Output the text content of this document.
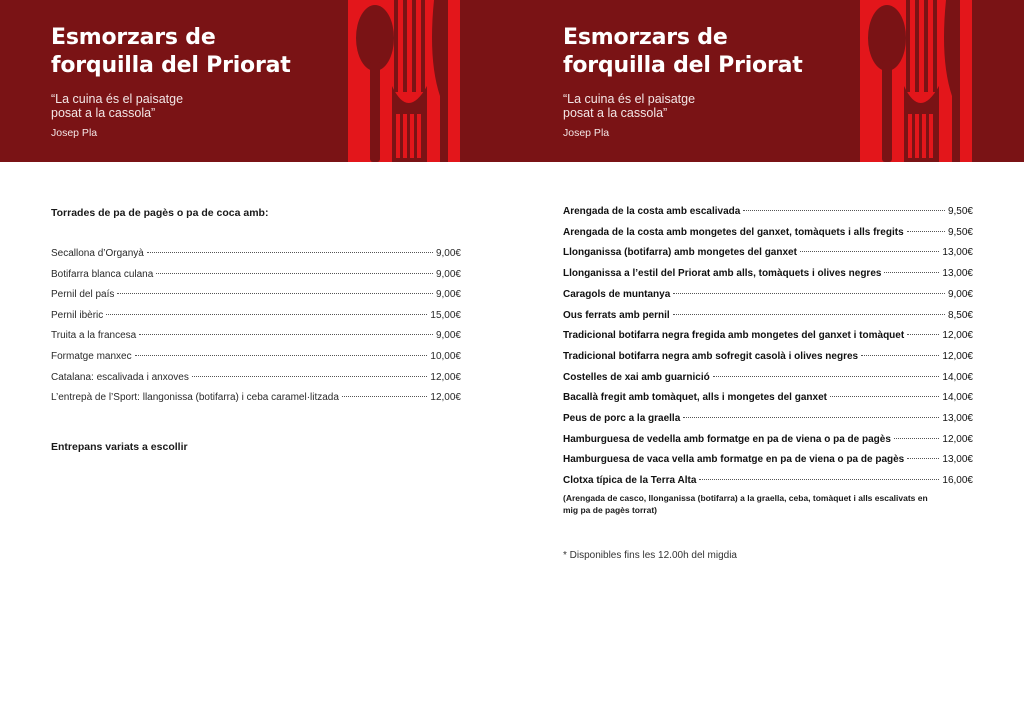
Esmorzars de
forquilla del Priorat

“La cuina és el paisatge
posat a la cassola”

Josep Pla

Torrades de pa de pagès o pa de coca amb:
Secallona d’Organyà	9,00€
Botifarra blanca culana	9,00€
Pernil del país	9,00€
Pernil ibèric	15,00€
Truita a la francesa	9,00€
Formatge manxec	10,00€
Catalana: escalivada i anxoves	12,00€
L’entrepà de l’Sport: llangonissa (botifarra) i ceba caramel·litzada	12,00€
Entrepans variats a escollir
Esmorzars de
forquilla del Priorat

“La cuina és el paisatge
posat a la cassola”

Josep Pla

Arengada de la costa amb escalivada	9,50€
Arengada de la costa amb mongetes del ganxet, tomàquets i alls fregits	9,50€
Llonganissa (botifarra) amb mongetes del ganxet	13,00€
Llonganissa a l’estil del Priorat amb alls, tomàquets i olives negres	13,00€
Caragols de muntanya	9,00€
Ous ferrats amb pernil	8,50€
Tradicional botifarra negra fregida amb mongetes del ganxet i tomàquet	12,00€
Tradicional botifarra negra amb sofregit casolà i olives negres	12,00€
Costelles de xai amb guarnició	14,00€
Bacallà fregit amb tomàquet, alls i mongetes del ganxet	14,00€
Peus de porc a la graella	13,00€
Hamburguesa de vedella amb formatge en pa de viena o pa de pagès	12,00€
Hamburguesa de vaca vella amb formatge en pa de viena o pa de pagès	13,00€
Clotxa típica de la Terra Alta	16,00€

(Arengada de casco, llonganissa (botifarra) a la graella, ceba, tomàquet i alls escalivats en mig pa de pagès torrat)

* Disponibles fins les 12.00h del migdia
